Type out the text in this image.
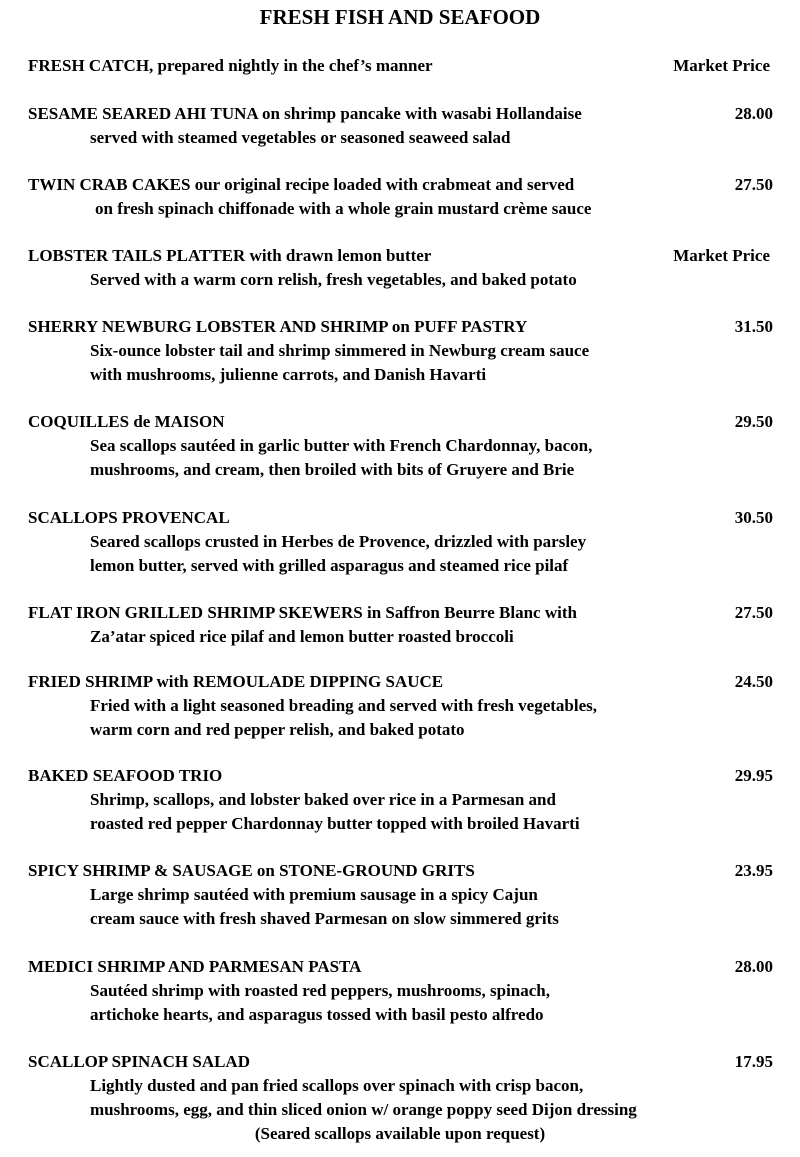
FRESH FISH AND SEAFOOD
FRESH CATCH, prepared nightly in the chef’s manner	Market Price
SESAME SEARED AHI TUNA on shrimp pancake with wasabi Hollandaise	28.00
served with steamed vegetables or seasoned seaweed salad
TWIN CRAB CAKES our original recipe loaded with crabmeat and served	27.50
on fresh spinach chiffonade with a whole grain mustard crème sauce
LOBSTER TAILS PLATTER with drawn lemon butter	Market Price
Served with a warm corn relish, fresh vegetables, and baked potato
SHERRY NEWBURG LOBSTER AND SHRIMP on PUFF PASTRY	31.50
Six-ounce lobster tail and shrimp simmered in Newburg cream sauce
with mushrooms, julienne carrots, and Danish Havarti
COQUILLES de MAISON	29.50
Sea scallops sautéed in garlic butter with French Chardonnay, bacon,
mushrooms, and cream, then broiled with bits of Gruyere and Brie
SCALLOPS PROVENCAL	30.50
Seared scallops crusted in Herbes de Provence, drizzled with parsley
lemon butter, served with grilled asparagus and steamed rice pilaf
FLAT IRON GRILLED SHRIMP SKEWERS in Saffron Beurre Blanc with	27.50
Za’atar spiced rice pilaf and lemon butter roasted broccoli
FRIED SHRIMP with REMOULADE DIPPING SAUCE	24.50
Fried with a light seasoned breading and served with fresh vegetables,
warm corn and red pepper relish, and baked potato
BAKED SEAFOOD TRIO	29.95
Shrimp, scallops, and lobster baked over rice in a Parmesan and
roasted red pepper Chardonnay butter topped with broiled Havarti
SPICY SHRIMP & SAUSAGE on STONE-GROUND GRITS	23.95
Large shrimp sautéed with premium sausage in a spicy Cajun
cream sauce with fresh shaved Parmesan on slow simmered grits
MEDICI SHRIMP AND PARMESAN PASTA	28.00
Sautéed shrimp with roasted red peppers, mushrooms, spinach,
artichoke hearts, and asparagus tossed with basil pesto alfredo
SCALLOP SPINACH SALAD	17.95
Lightly dusted and pan fried scallops over spinach with crisp bacon,
mushrooms, egg, and thin sliced onion w/ orange poppy seed Dijon dressing
(Seared scallops available upon request)
